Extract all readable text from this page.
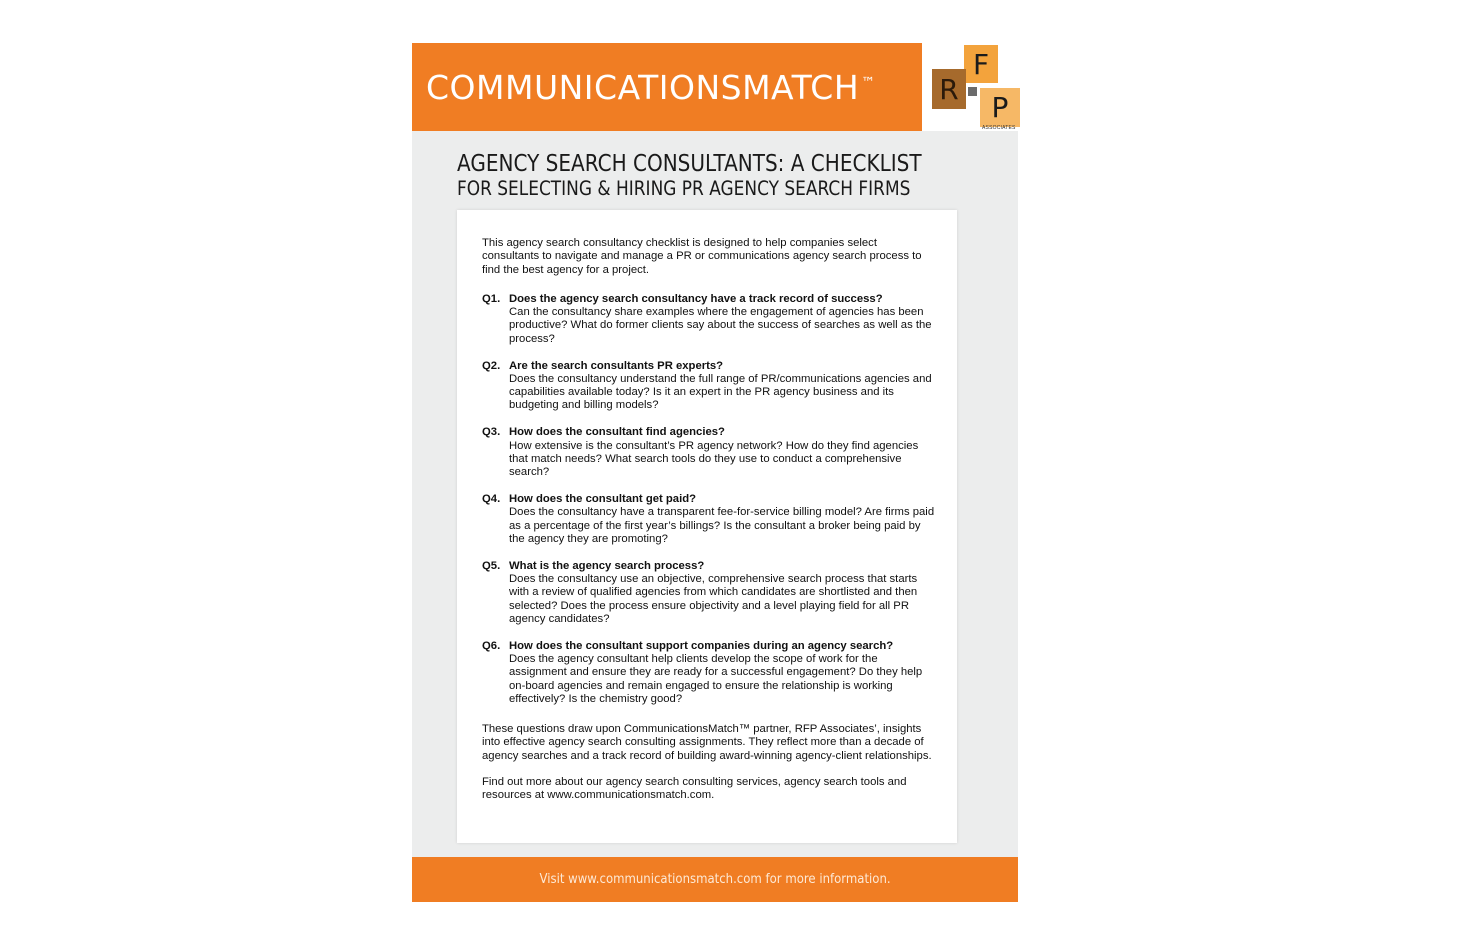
COMMUNICATIONSMATCH ™
F
R
P
ASSOCIATES
AGENCY SEARCH CONSULTANTS: A CHECKLIST
FOR SELECTING & HIRING PR AGENCY SEARCH FIRMS

This agency search consultancy checklist is designed to help companies select consultants to navigate and manage a PR or communications agency search process to find the best agency for a project.

Q1. Does the agency search consultancy have a track record of success?
Can the consultancy share examples where the engagement of agencies has been productive? What do former clients say about the success of searches as well as the process?
Q2. Are the search consultants PR experts?
Does the consultancy understand the full range of PR/communications agencies and capabilities available today? Is it an expert in the PR agency business and its budgeting and billing models?
Q3. How does the consultant find agencies?
How extensive is the consultant’s PR agency network? How do they find agencies that match needs? What search tools do they use to conduct a comprehensive search?
Q4. How does the consultant get paid?
Does the consultancy have a transparent fee-for-service billing model? Are firms paid as a percentage of the first year’s billings? Is the consultant a broker being paid by the agency they are promoting?
Q5. What is the agency search process?
Does the consultancy use an objective, comprehensive search process that starts with a review of qualified agencies from which candidates are shortlisted and then selected? Does the process ensure objectivity and a level playing field for all PR agency candidates?
Q6. How does the consultant support companies during an agency search?
Does the agency consultant help clients develop the scope of work for the assignment and ensure they are ready for a successful engagement? Do they help on-board agencies and remain engaged to ensure the relationship is working effectively? Is the chemistry good?

These questions draw upon CommunicationsMatch™ partner, RFP Associates’, insights into effective agency search consulting assignments. They reflect more than a decade of agency searches and a track record of building award-winning agency-client relationships.

Find out more about our agency search consulting services, agency search tools and resources at www.communicationsmatch.com.

Visit www.communicationsmatch.com for more information.
